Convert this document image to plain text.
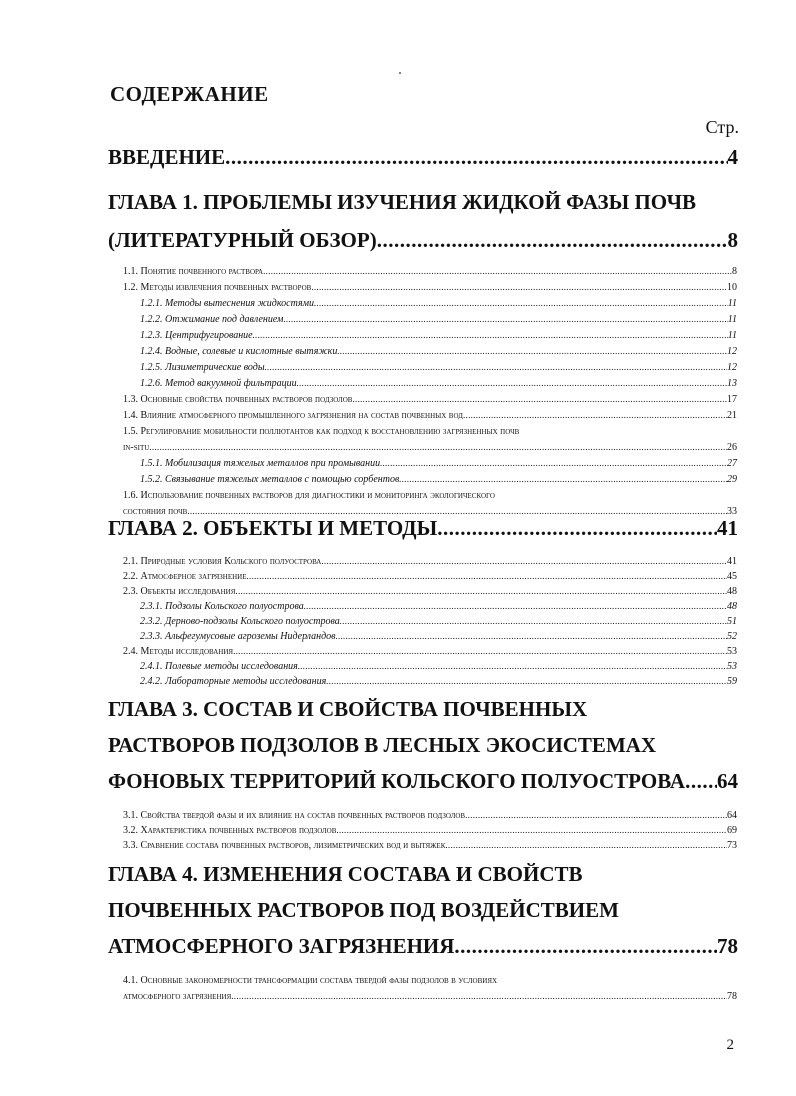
СОДЕРЖАНИЕ
Стр.
ВВЕДЕНИЕ .....	4
ГЛАВА 1. ПРОБЛЕМЫ ИЗУЧЕНИЯ ЖИДКОЙ ФАЗЫ ПОЧВ
(ЛИТЕРАТУРНЫЙ ОБЗОР) .....	8
1.1. Понятие почвенного раствора .....	8
1.2. Методы извлечения почвенных растворов .....	10
1.2.1. Методы вытеснения жидкостями .....	11
1.2.2. Отжимание под давлением .....	11
1.2.3. Центрифугирование .....	11
1.2.4. Водные, солевые и кислотные вытяжки .....	12
1.2.5. Лизиметрические воды .....	12
1.2.6. Метод вакуумной фильтрации .....	13
1.3. Основные свойства почвенных растворов подзолов .....	17
1.4. Влияние атмосферного промышленного загрязнения на состав почвенных вод .....	21
1.5. Регулирование мобильности поллютантов как подход к восстановлению загрязненных почв
in-situ .....	26
1.5.1. Мобилизация тяжелых металлов при промывании .....	27
1.5.2. Связывание тяжелых металлов с помощью сорбентов .....	29
1.6. Использование почвенных растворов для диагностики и мониторинга экологического
состояния почв .....	33
ГЛАВА 2. ОБЪЕКТЫ И МЕТОДЫ .....	41
2.1. Природные условия Кольского полуострова .....	41
2.2. Атмосферное загрязнение .....	45
2.3. Объекты исследования .....	48
2.3.1. Подзолы Кольского полуострова .....	48
2.3.2. Дерново-подзолы Кольского полуострова .....	51
2.3.3. Альфегумусовые агроземы Нидерландов .....	52
2.4. Методы исследования .....	53
2.4.1. Полевые методы исследования .....	53
2.4.2. Лабораторные методы исследования .....	59
ГЛАВА 3. СОСТАВ И СВОЙСТВА ПОЧВЕННЫХ
РАСТВОРОВ ПОДЗОЛОВ В ЛЕСНЫХ ЭКОСИСТЕМАХ
ФОНОВЫХ ТЕРРИТОРИЙ КОЛЬСКОГО ПОЛУОСТРОВА ..... 64
3.1. Свойства твердой фазы и их влияние на состав почвенных растворов подзолов .....	64
3.2. Характеристика почвенных растворов подзолов .....	69
3.3. Сравнение состава почвенных растворов, лизиметрических вод и вытяжек .....	73
ГЛАВА 4. ИЗМЕНЕНИЯ СОСТАВА И СВОЙСТВ
ПОЧВЕННЫХ РАСТВОРОВ ПОД ВОЗДЕЙСТВИЕМ
АТМОСФЕРНОГО ЗАГРЯЗНЕНИЯ .....	78
4.1. Основные закономерности трансформации состава твердой фазы подзолов в условиях
атмосферного загрязнения .....	78
2
